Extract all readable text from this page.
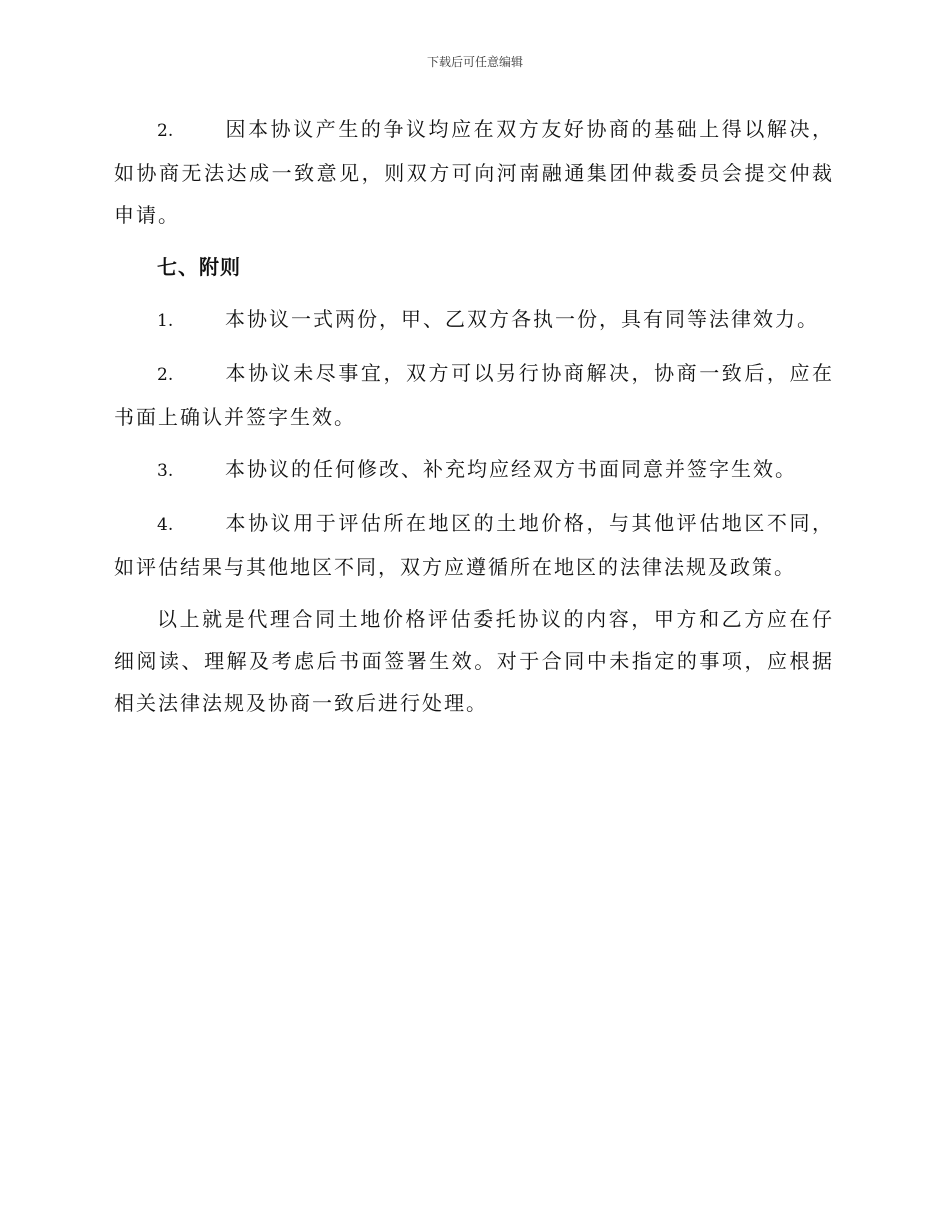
下载后可任意编辑

2.	因本协议产生的争议均应在双方友好协商的基础上得以解决，如协商无法达成一致意见，则双方可向河南融通集团仲裁委员会提交仲裁申请。

七、附则

1.	本协议一式两份，甲、乙双方各执一份，具有同等法律效力。

2.	本协议未尽事宜，双方可以另行协商解决，协商一致后，应在书面上确认并签字生效。

3.	本协议的任何修改、补充均应经双方书面同意并签字生效。

4.	本协议用于评估所在地区的土地价格，与其他评估地区不同，如评估结果与其他地区不同，双方应遵循所在地区的法律法规及政策。

以上就是代理合同土地价格评估委托协议的内容，甲方和乙方应在仔细阅读、理解及考虑后书面签署生效。对于合同中未指定的事项，应根据相关法律法规及协商一致后进行处理。
